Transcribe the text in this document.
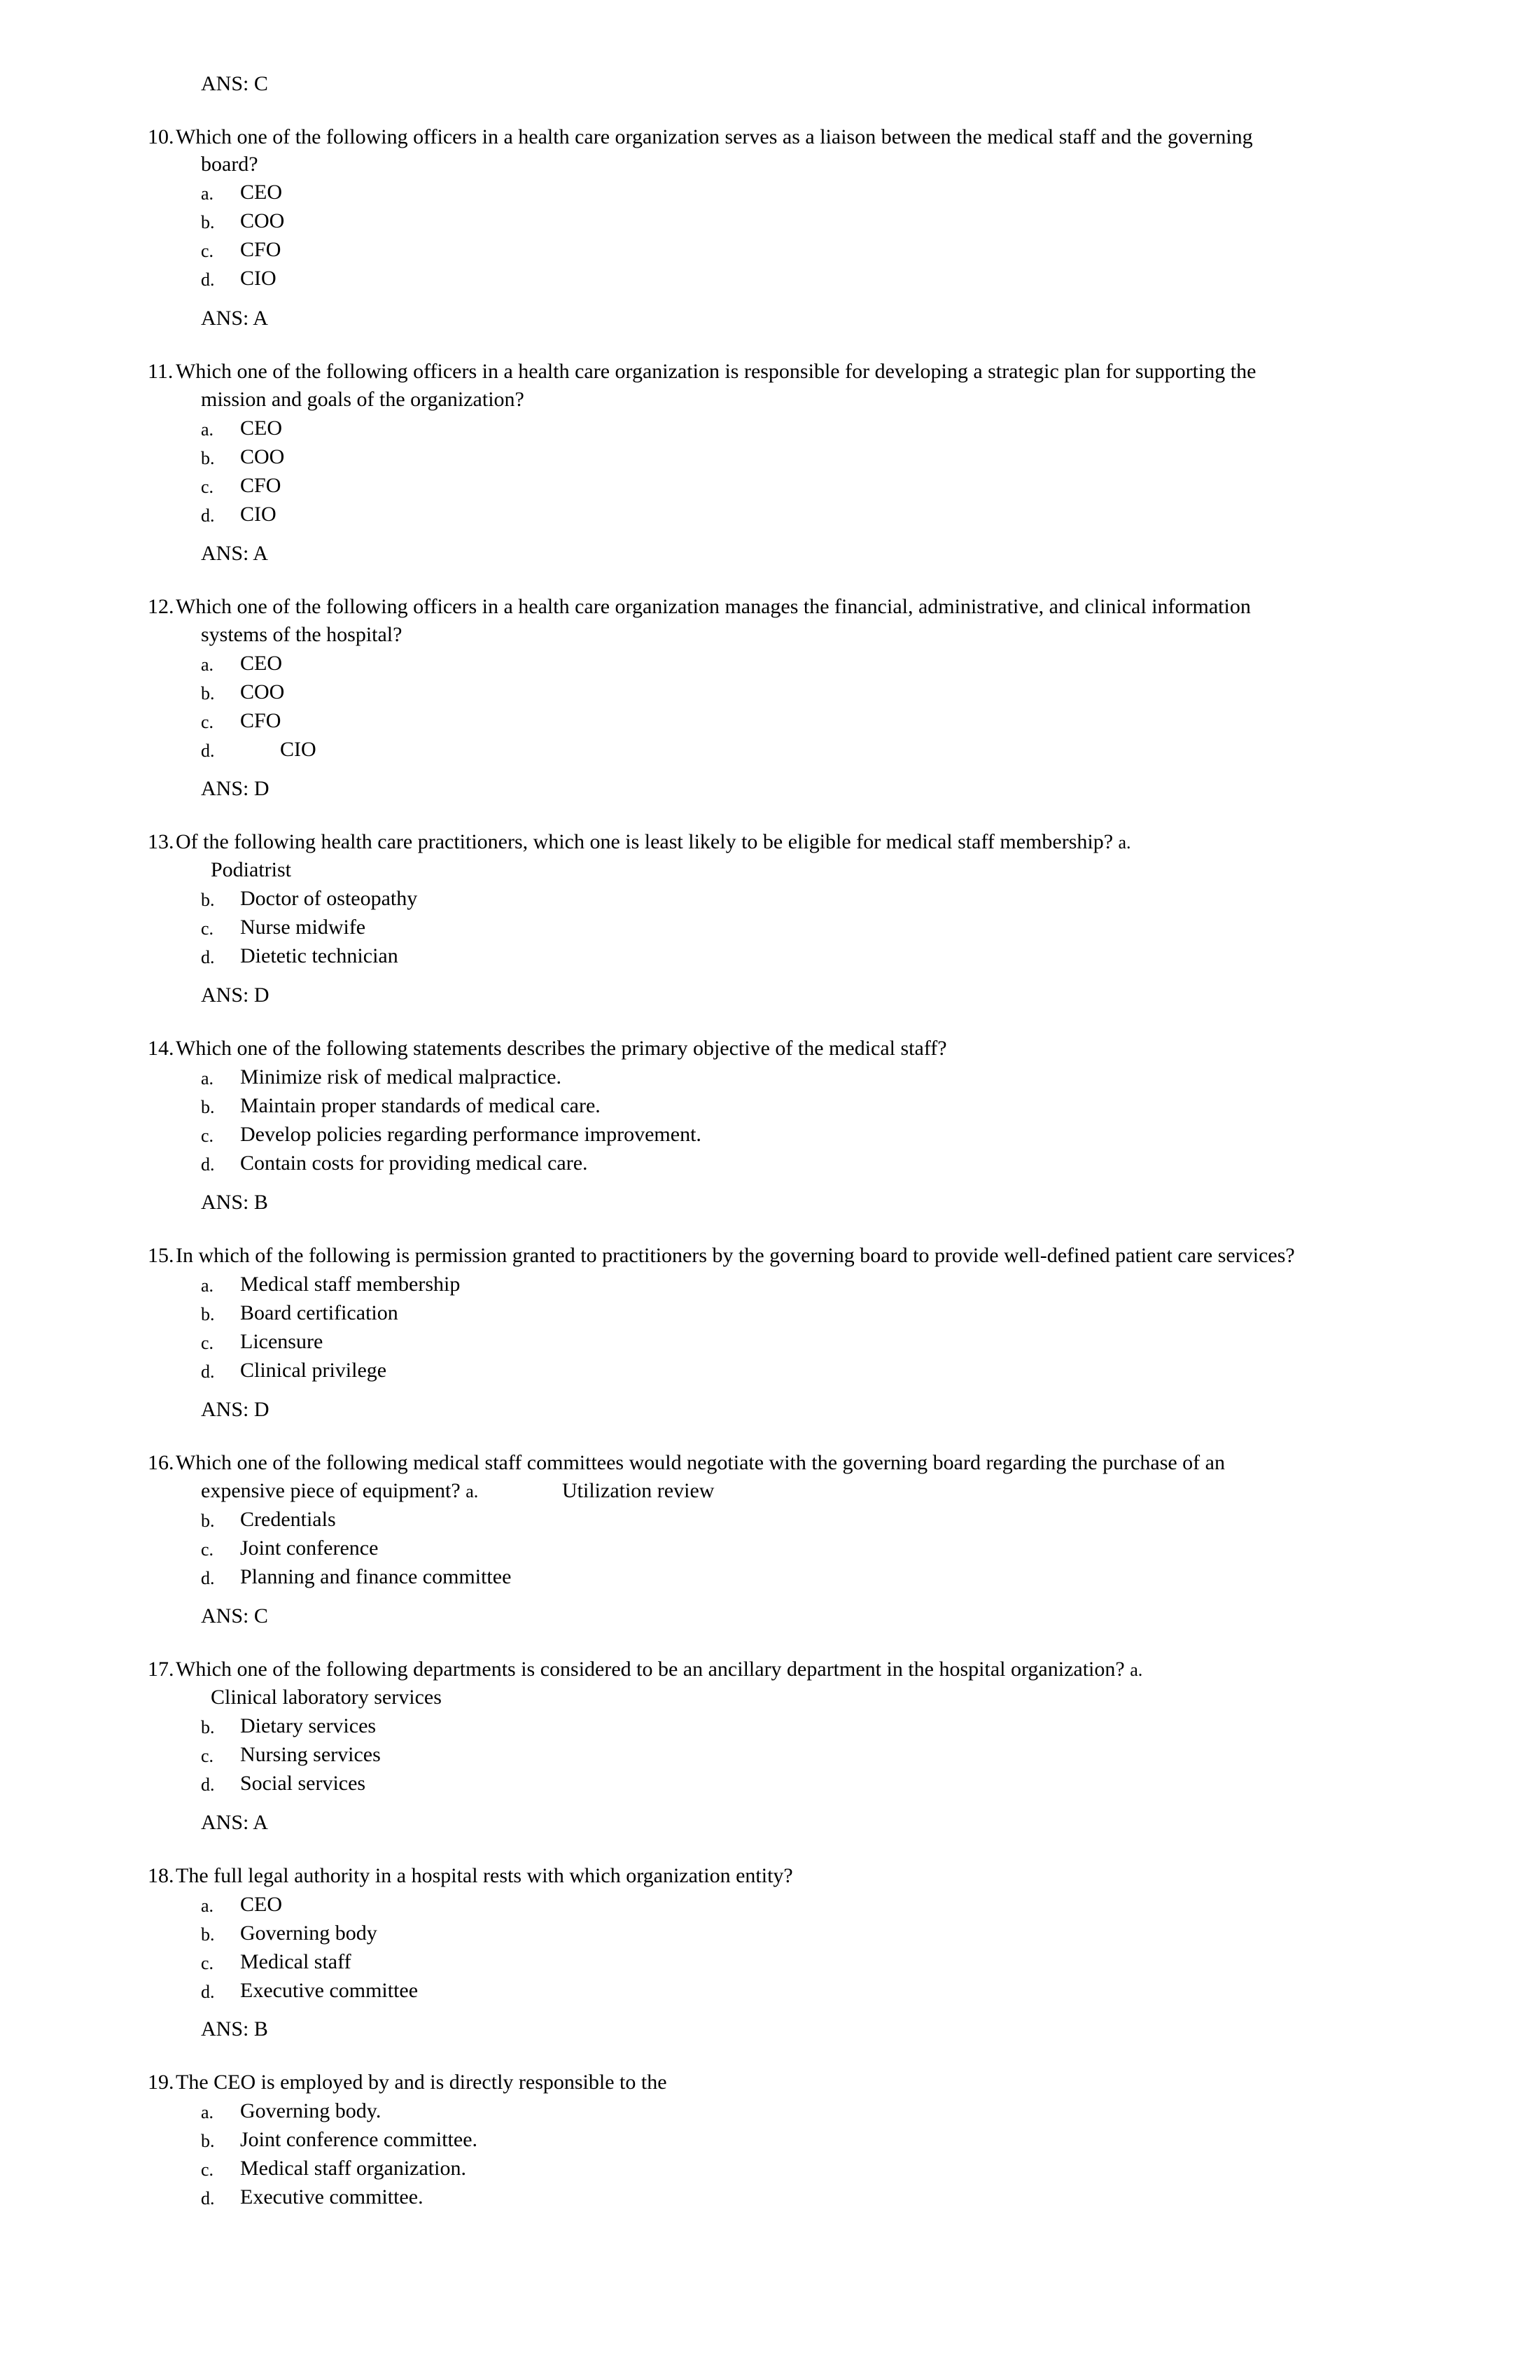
ANS: C
10. Which one of the following officers in a health care organization serves as a liaison between the medical staff and the governing
board?
a. CEO
b. COO
c. CFO
d. CIO
ANS: A
11. Which one of the following officers in a health care organization is responsible for developing a strategic plan for supporting the
mission and goals of the organization?
a. CEO
b. COO
c. CFO
d. CIO
ANS: A
12. Which one of the following officers in a health care organization manages the financial, administrative, and clinical information
systems of the hospital?
a. CEO
b. COO
c. CFO
d.	CIO
ANS: D
13. Of the following health care practitioners, which one is least likely to be eligible for medical staff membership? a.
Podiatrist
b. Doctor of osteopathy
c. Nurse midwife
d. Dietetic technician
ANS: D
14. Which one of the following statements describes the primary objective of the medical staff?
a. Minimize risk of medical malpractice.
b. Maintain proper standards of medical care.
c. Develop policies regarding performance improvement.
d. Contain costs for providing medical care.
ANS: B
15. In which of the following is permission granted to practitioners by the governing board to provide well-defined patient care services?
a. Medical staff membership
b. Board certification
c. Licensure
d. Clinical privilege
ANS: D
16. Which one of the following medical staff committees would negotiate with the governing board regarding the purchase of an
expensive piece of equipment? a.	Utilization review
b. Credentials
c. Joint conference
d. Planning and finance committee
ANS: C
17. Which one of the following departments is considered to be an ancillary department in the hospital organization? a.
Clinical laboratory services
b. Dietary services
c. Nursing services
d. Social services
ANS: A
18. The full legal authority in a hospital rests with which organization entity?
a. CEO
b. Governing body
c. Medical staff
d. Executive committee
ANS: B
19. The CEO is employed by and is directly responsible to the
a. Governing body.
b. Joint conference committee.
c. Medical staff organization.
d. Executive committee.
